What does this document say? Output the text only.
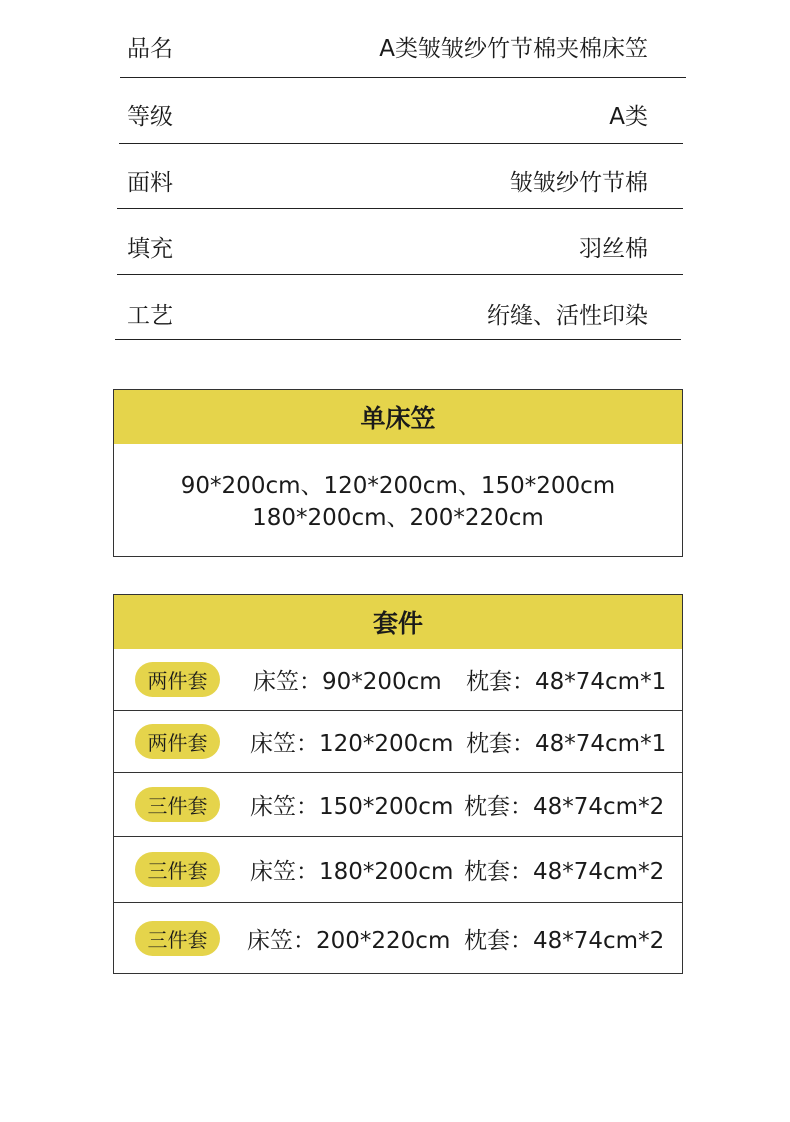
品名	A类皱皱纱竹节棉夹棉床笠
等级	A类
面料	皱皱纱竹节棉
填充	羽丝棉
工艺	绗缝、活性印染
单床笠
90*200cm、120*200cm、150*200cm
180*200cm、200*220cm
套件
两件套	床笠：90*200cm 枕套：48*74cm*1
两件套	床笠：120*200cm 枕套：48*74cm*1
三件套	床笠：150*200cm 枕套：48*74cm*2
三件套	床笠：180*200cm 枕套：48*74cm*2
三件套	床笠：200*220cm 枕套：48*74cm*2
